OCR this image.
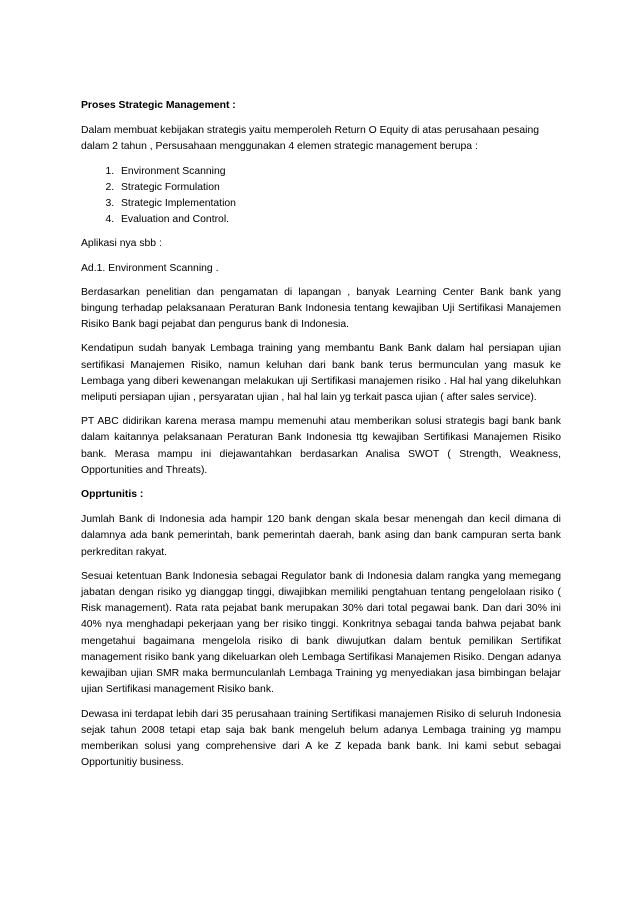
Proses Strategic Management :

Dalam membuat kebijakan strategis yaitu memperoleh Return O Equity di atas perusahaan pesaing dalam 2 tahun , Persusahaan menggunakan 4 elemen strategic management berupa :

1. Environment Scanning
2. Strategic Formulation
3. Strategic Implementation
4. Evaluation and Control.

Aplikasi nya sbb :

Ad.1. Environment Scanning .

Berdasarkan penelitian dan pengamatan di lapangan , banyak Learning Center Bank bank yang bingung terhadap pelaksanaan Peraturan Bank Indonesia tentang kewajiban Uji Sertifikasi Manajemen Risiko Bank bagi pejabat dan pengurus bank di Indonesia.

Kendatipun sudah banyak Lembaga training yang membantu Bank Bank dalam hal persiapan ujian sertifikasi Manajemen Risiko, namun keluhan dari bank bank terus bermunculan yang masuk ke Lembaga yang diberi kewenangan melakukan uji Sertifikasi manajemen risiko . Hal hal yang dikeluhkan meliputi persiapan ujian , persyaratan ujian , hal hal lain yg terkait pasca ujian ( after sales service).

PT ABC didirikan karena merasa mampu memenuhi atau memberikan solusi strategis bagi bank bank dalam kaitannya pelaksanaan Peraturan Bank Indonesia ttg kewajiban Sertifikasi Manajemen Risiko bank. Merasa mampu ini diejawantahkan berdasarkan Analisa SWOT ( Strength, Weakness, Opportunities and Threats).

Opprtunitis :

Jumlah Bank di Indonesia ada hampir 120 bank dengan skala besar menengah dan kecil dimana di dalamnya ada bank pemerintah, bank pemerintah daerah, bank asing dan bank campuran serta bank perkreditan rakyat.

Sesuai ketentuan Bank Indonesia sebagai Regulator bank di Indonesia dalam rangka yang memegang jabatan dengan risiko yg dianggap tinggi, diwajibkan memiliki pengtahuan tentang pengelolaan risiko ( Risk management). Rata rata pejabat bank merupakan 30% dari total pegawai bank. Dan dari 30% ini 40% nya menghadapi pekerjaan yang ber risiko tinggi. Konkritnya sebagai tanda bahwa pejabat bank mengetahui bagaimana mengelola risiko di bank diwujutkan dalam bentuk pemilikan Sertifikat management risiko bank yang dikeluarkan oleh Lembaga Sertifikasi Manajemen Risiko. Dengan adanya kewajiban ujian SMR maka bermunculanlah Lembaga Training yg menyediakan jasa bimbingan belajar ujian Sertifikasi management Risiko bank.

Dewasa ini terdapat lebih dari 35 perusahaan training Sertifikasi manajemen Risiko di seluruh Indonesia sejak tahun 2008 tetapi etap saja bak bank mengeluh belum adanya Lembaga training yg mampu memberikan solusi yang comprehensive dari A ke Z kepada bank bank. Ini kami sebut sebagai Opportunitiy business.
